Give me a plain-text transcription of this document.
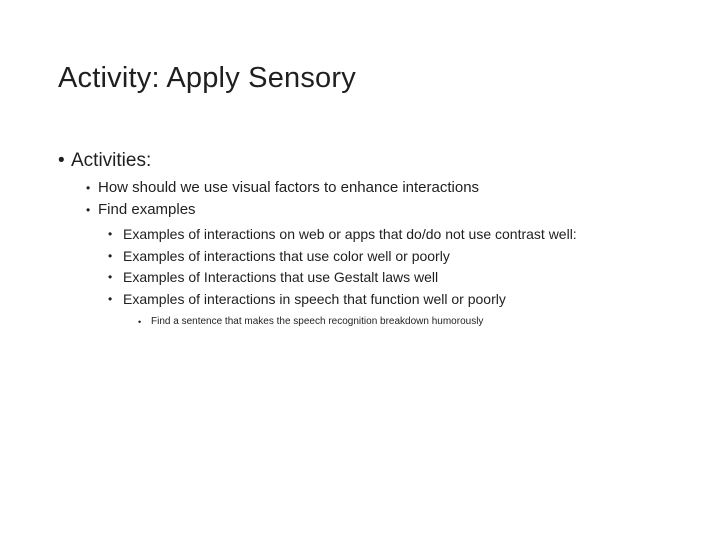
Activity: Apply Sensory
• Activities:
• How should we use visual factors to enhance interactions
• Find examples
• Examples of interactions on web or apps that do/do not use contrast well:
• Examples of interactions that use color well or poorly
• Examples of Interactions that use Gestalt laws well
• Examples of interactions in speech that function well or poorly
• Find a sentence that makes the speech recognition breakdown humorously
